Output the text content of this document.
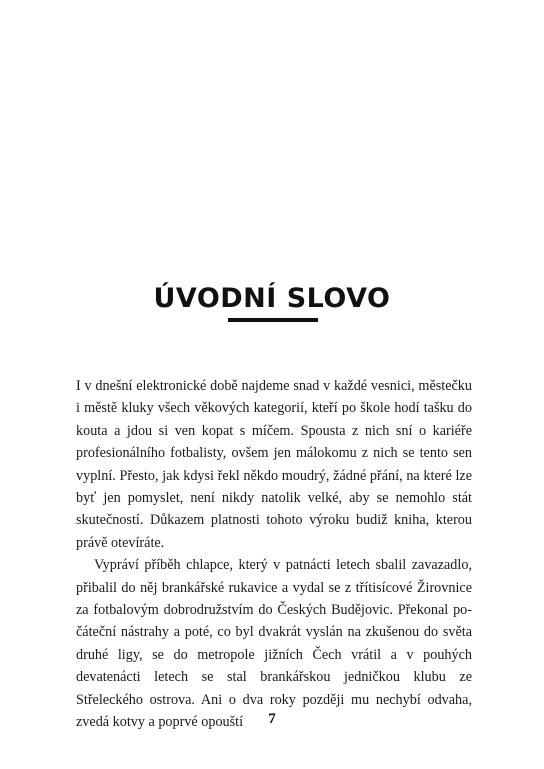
ÚVODNÍ SLOVO

I v dnešní elektronické době najdeme snad v každé vesnici, městečku i městě kluky všech věkových kategorií, kteří po škole hodí tašku do kouta a jdou si ven kopat s míčem. Spousta z nich sní o kariéře profesionálního fotbalisty, ovšem jen málokomu z nich se tento sen vyplní. Přesto, jak kdysi řekl někdo moudrý, žádné přání, na které lze byť jen pomyslet, není nikdy natolik velké, aby se nemohlo stát skutečností. Důkazem platnosti tohoto výroku budiž kniha, kterou právě otevíráte.

Vypráví příběh chlapce, který v patnácti letech sbalil zavazadlo, přibalil do něj brankářské rukavice a vydal se z třítisícové Žirovnice za fotbalovým dobrodružstvím do Českých Budějovic. Překonal počáteční nástrahy a poté, co byl dvakrát vyslán na zkušenou do světa druhé ligy, se do metropole jižních Čech vrátil a v pouhých devatenácti letech se stal brankářskou jedničkou klubu ze Střeleckého ostrova. Ani o dva roky později mu nechybí odvaha, zvedá kotvy a poprvé opouští	7
